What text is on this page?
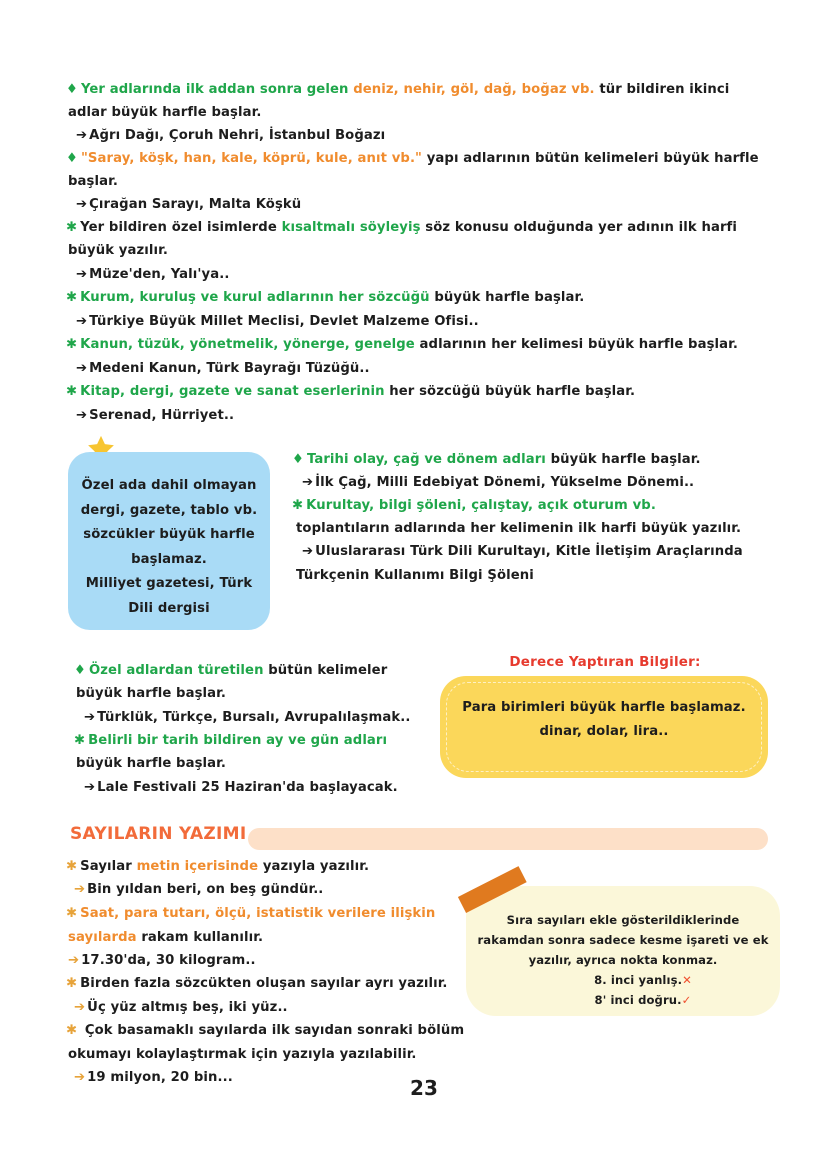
♦ Yer adlarında ilk addan sonra gelen deniz, nehir, göl, dağ, boğaz vb. tür bildiren ikinci
adlar büyük harfle başlar.
➔ Ağrı Dağı, Çoruh Nehri, İstanbul Boğazı
♦ "Saray, köşk, han, kale, köprü, kule, anıt vb." yapı adlarının bütün kelimeleri büyük harfle
başlar.
➔ Çırağan Sarayı, Malta Köşkü
✱ Yer bildiren özel isimlerde kısaltmalı söyleyiş söz konusu olduğunda yer adının ilk harfi
büyük yazılır.
➔ Müze'den, Yalı'ya..
✱ Kurum, kuruluş ve kurul adlarının her sözcüğü büyük harfle başlar.
➔ Türkiye Büyük Millet Meclisi, Devlet Malzeme Ofisi..
✱ Kanun, tüzük, yönetmelik, yönerge, genelge adlarının her kelimesi büyük harfle başlar.
➔ Medeni Kanun, Türk Bayrağı Tüzüğü..
✱ Kitap, dergi, gazete ve sanat eserlerinin her sözcüğü büyük harfle başlar.
➔ Serenad, Hürriyet..
Özel ada dahil olmayan
dergi, gazete, tablo vb.
sözcükler büyük harfle
başlamaz.
Milliyet gazetesi, Türk
Dili dergisi
♦ Tarihi olay, çağ ve dönem adları büyük harfle başlar.
➔ İlk Çağ, Milli Edebiyat Dönemi, Yükselme Dönemi..
✱ Kurultay, bilgi şöleni, çalıştay, açık oturum vb.
toplantıların adlarında her kelimenin ilk harfi büyük yazılır.
➔ Uluslararası Türk Dili Kurultayı, Kitle İletişim Araçlarında
Türkçenin Kullanımı Bilgi Şöleni
♦ Özel adlardan türetilen bütün kelimeler
büyük harfle başlar.
➔ Türklük, Türkçe, Bursalı, Avrupalılaşmak..
✱ Belirli bir tarih bildiren ay ve gün adları
büyük harfle başlar.
➔ Lale Festivali 25 Haziran'da başlayacak.
Derece Yaptıran Bilgiler:
Para birimleri büyük harfle başlamaz.
dinar, dolar, lira..
SAYILARIN YAZIMI
✱ Sayılar metin içerisinde yazıyla yazılır.
➔ Bin yıldan beri, on beş gündür..
✱ Saat, para tutarı, ölçü, istatistik verilere ilişkin
sayılarda rakam kullanılır.
➔ 17.30'da, 30 kilogram..
✱ Birden fazla sözcükten oluşan sayılar ayrı yazılır.
➔ Üç yüz altmış beş, iki yüz..
✱ Çok basamaklı sayılarda ilk sayıdan sonraki bölüm
okumayı kolaylaştırmak için yazıyla yazılabilir.
➔ 19 milyon, 20 bin...
Sıra sayıları ekle gösterildiklerinde
rakamdan sonra sadece kesme işareti ve ek
yazılır, ayrıca nokta konmaz.
8. inci yanlış.✕
8' inci doğru.✓
23
